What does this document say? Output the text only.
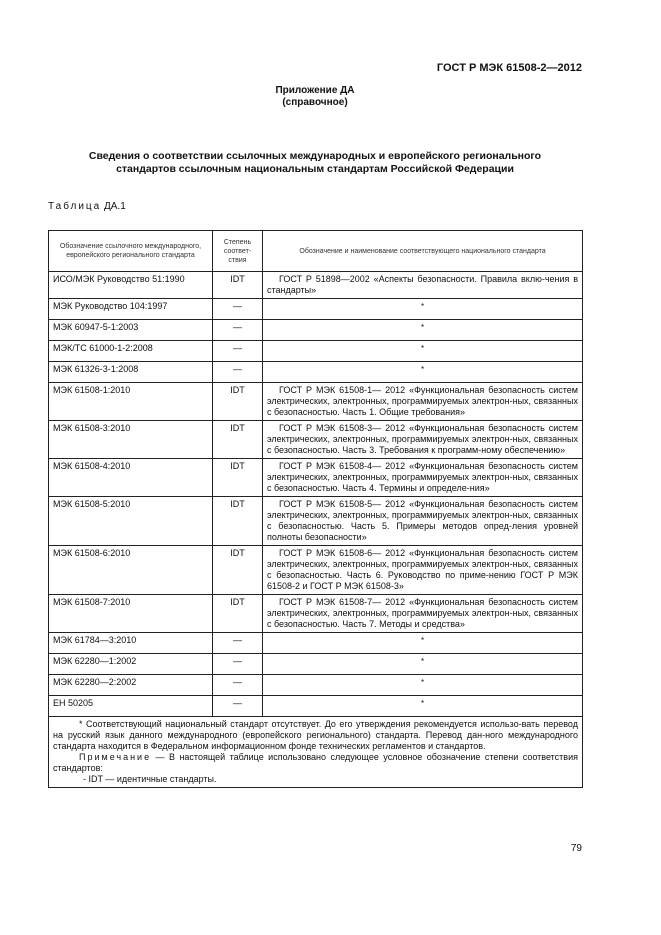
ГОСТ Р МЭК 61508-2—2012
Приложение ДА
(справочное)
Сведения о соответствии ссылочных международных и европейского регионального
стандартов ссылочным национальным стандартам Российской Федерации
Таблица ДА.1
Обозначение ссылочного международного, европейского регионального стандарта	Степень соответ-ствия	Обозначение и наименование соответствующего национального стандарта
ИСО/МЭК Руководство 51:1990	IDT	ГОСТ Р 51898—2002 «Аспекты безопасности. Правила вклю-чения в стандарты»
МЭК Руководство 104:1997	—	*
МЭК 60947-5-1:2003	—	*
МЭК/ТС 61000-1-2:2008	—	*
МЭК 61326-3-1:2008	—	*
МЭК 61508-1:2010	IDT	ГОСТ Р МЭК 61508-1— 2012 «Функциональная безопасность систем электрических, электронных, программируемых электрон-ных, связанных с безопасностью. Часть 1. Общие требования»
МЭК 61508-3:2010	IDT	ГОСТ Р МЭК 61508-3— 2012 «Функциональная безопасность систем электрических, электронных, программируемых электрон-ных, связанных с безопасностью. Часть 3. Требования к программ-ному обеспечению»
МЭК 61508-4:2010	IDT	ГОСТ Р МЭК 61508-4— 2012 «Функциональная безопасность систем электрических, электронных, программируемых электрон-ных, связанных с безопасностью. Часть 4. Термины и определе-ния»
МЭК 61508-5:2010	IDT	ГОСТ Р МЭК 61508-5— 2012 «Функциональная безопасность систем электрических, электронных, программируемых электрон-ных, связанных с безопасностью. Часть 5. Примеры методов опред-ления уровней полноты безопасности»
МЭК 61508-6:2010	IDT	ГОСТ Р МЭК 61508-6— 2012 «Функциональная безопасность систем электрических, электронных, программируемых электрон-ных, связанных с безопасностью. Часть 6. Руководство по приме-нению ГОСТ Р МЭК 61508-2 и ГОСТ Р МЭК 61508-3»
МЭК 61508-7:2010	IDT	ГОСТ Р МЭК 61508-7— 2012 «Функциональная безопасность систем электрических, электронных, программируемых электрон-ных, связанных с безопасностью. Часть 7. Методы и средства»
МЭК 61784—3:2010	—	*
МЭК 62280—1:2002	—	*
МЭК 62280—2:2002	—	*
ЕН 50205	—	*

* Соответствующий национальный стандарт отсутствует. До его утверждения рекомендуется использо-вать перевод на русский язык данного международного (европейского регионального) стандарта. Перевод дан-ного международного стандарта находится в Федеральном информационном фонде технических регламентов и стандартов.
Примечание — В настоящей таблице использовано следующее условное обозначение степени соответствия стандартов:
- IDT — идентичные стандарты.		
79
